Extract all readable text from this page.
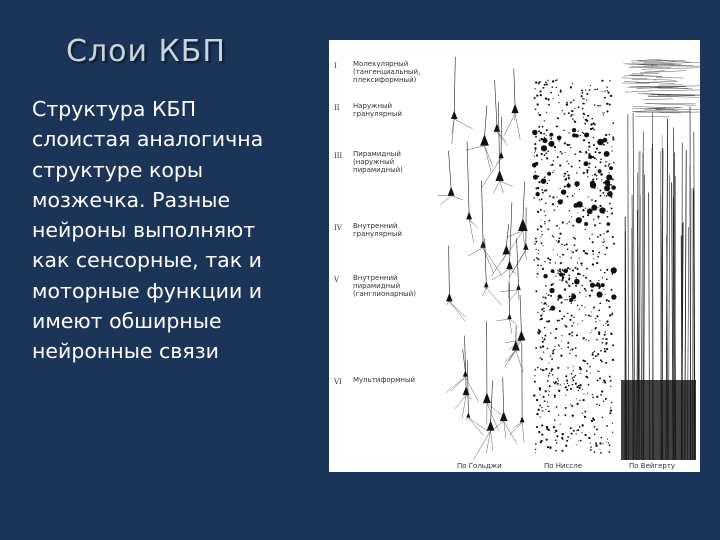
Слои КБП
Структура КБП
слоистая аналогична
структуре коры
мозжечка. Разные
нейроны выполняют
как сенсорные, так и
моторные функции и
имеют обширные
нейронные связи
I Молекулярный (тангенциальный, плексиформный)
II Наружный гранулярный
III Пирамидный (наружный пирамидный)
IV Внутренний гранулярный
V Внутренний пирамидный (ганглионарный)
VI Мультиформный
По Гольджи	По Ниссле	По Вейгерту
